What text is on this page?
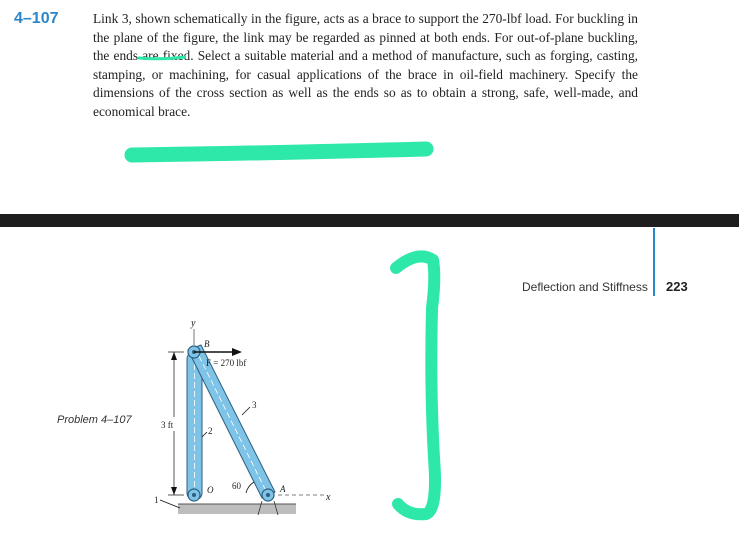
4–107	Link 3, shown schematically in the figure, acts as a brace to support the 270-lbf load. For buckling in the plane of the figure, the link may be regarded as pinned at both ends. For out-of-plane buckling, the ends are fixed. Select a suitable material and a method of manufacture, such as forging, casting, stamping, or machining, for casual applications of the brace in oil-field machinery. Specify the dimensions of the cross section as well as the ends so as to obtain a strong, safe, well-made, and economical brace.
Deflection and Stiffness 223
Problem 4–107
x
y
F = 270 lbf
B
O	A
3
2
1
60
3 ft
